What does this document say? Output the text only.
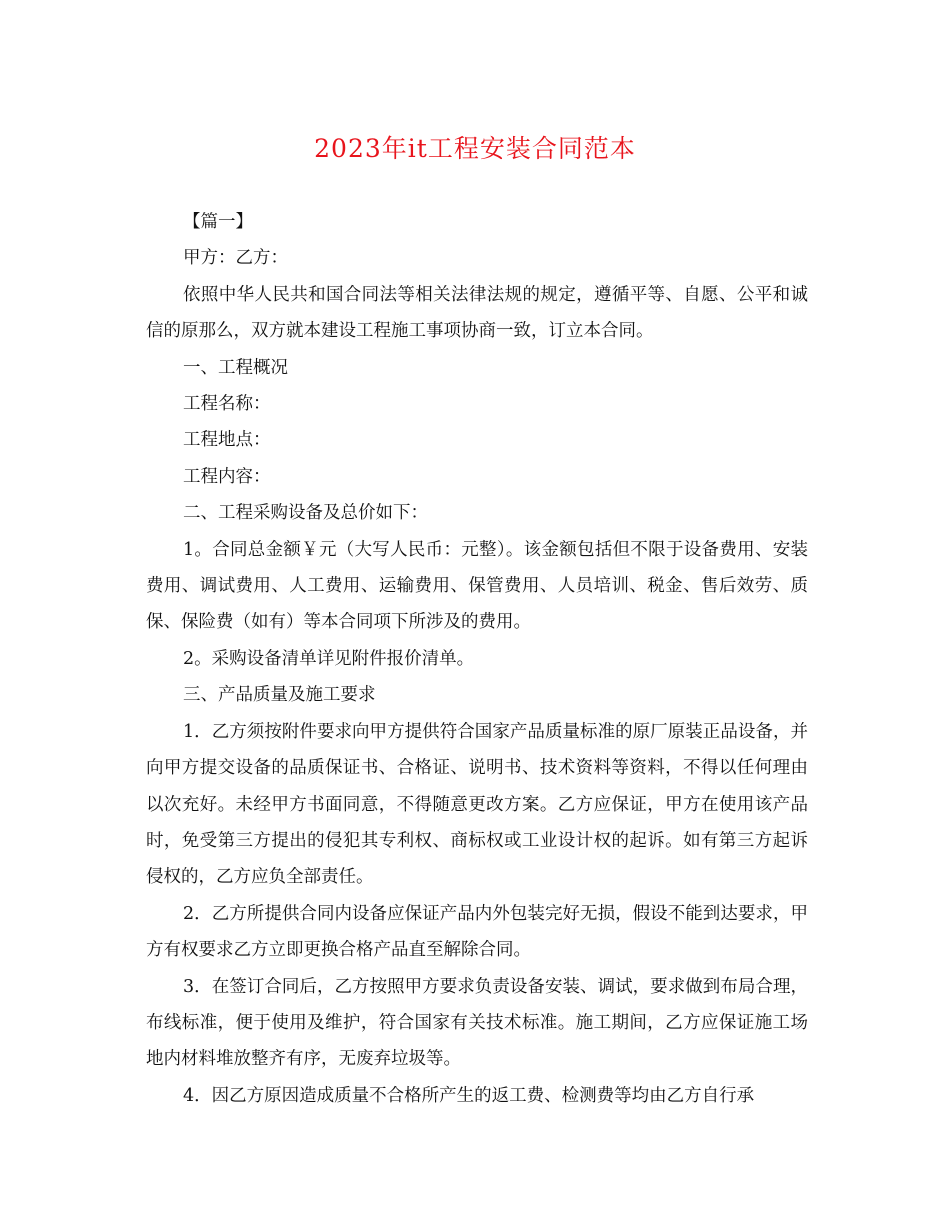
2023年it工程安装合同范本

【篇一】

甲方：乙方：

依照中华人民共和国合同法等相关法律法规的规定，遵循平等、自愿、公平和诚信的原那么，双方就本建设工程施工事项协商一致，订立本合同。

一、工程概况

工程名称：

工程地点：

工程内容：

二、工程采购设备及总价如下：

1。合同总金额￥元（大写人民币：元整）。该金额包括但不限于设备费用、安装费用、调试费用、人工费用、运输费用、保管费用、人员培训、税金、售后效劳、质保、保险费（如有）等本合同项下所涉及的费用。

2。采购设备清单详见附件报价清单。

三、产品质量及施工要求

1．乙方须按附件要求向甲方提供符合国家产品质量标准的原厂原装正品设备，并向甲方提交设备的品质保证书、合格证、说明书、技术资料等资料，不得以任何理由以次充好。未经甲方书面同意，不得随意更改方案。乙方应保证，甲方在使用该产品时，免受第三方提出的侵犯其专利权、商标权或工业设计权的起诉。如有第三方起诉侵权的，乙方应负全部责任。

2．乙方所提供合同内设备应保证产品内外包装完好无损，假设不能到达要求，甲方有权要求乙方立即更换合格产品直至解除合同。

3．在签订合同后，乙方按照甲方要求负责设备安装、调试，要求做到布局合理，布线标准，便于使用及维护，符合国家有关技术标准。施工期间，乙方应保证施工场地内材料堆放整齐有序，无废弃垃圾等。

4．因乙方原因造成质量不合格所产生的返工费、检测费等均由乙方自行承
